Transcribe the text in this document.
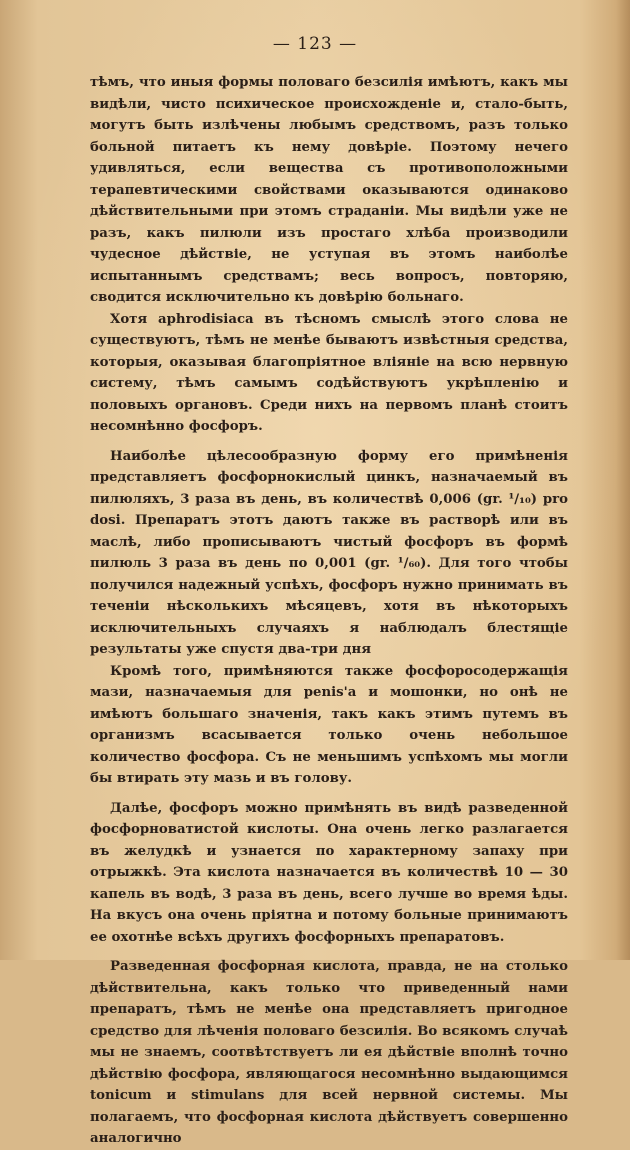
— 123 —

тѣмъ, что иныя формы половаго безсилія имѣютъ, какъ мы видѣли, чисто психическое происхожденіе и, стало-быть, могутъ быть излѣчены любымъ средствомъ, разъ только больной питаетъ къ нему довѣріе. Поэтому нечего удивляться, если вещества съ противоположными терапевтическими свойствами оказываются одинаково дѣйствительными при этомъ страданіи. Мы видѣли уже не разъ, какъ пилюли изъ простаго хлѣба производили чудесное дѣйствіе, не уступая въ этомъ наиболѣе испытаннымъ средствамъ; весь вопросъ, повторяю, сводится исключительно къ довѣрію больнаго.

Хотя aphrodisiaca въ тѣсномъ смыслѣ этого слова не существуютъ, тѣмъ не менѣе бываютъ извѣстныя средства, которыя, оказывая благопріятное вліяніе на всю нервную систему, тѣмъ самымъ содѣйствуютъ укрѣпленію и половыхъ органовъ. Среди нихъ на первомъ планѣ стоитъ несомнѣнно фосфоръ.

Наиболѣе цѣлесообразную форму его примѣненія представляетъ фосфорнокислый цинкъ, назначаемый въ пилюляхъ, 3 раза въ день, въ количествѣ 0,006 (gr. ¹/₁₀) pro dosi. Препаратъ этотъ даютъ также въ растворѣ или въ маслѣ, либо прописываютъ чистый фосфоръ въ формѣ пилюль 3 раза въ день по 0,001 (gr. ¹/₆₀). Для того чтобы получился надежный успѣхъ, фосфоръ нужно принимать въ теченіи нѣсколькихъ мѣсяцевъ, хотя въ нѣкоторыхъ исключительныхъ случаяхъ я наблюдалъ блестящіе результаты уже спустя два-три дня

Кромѣ того, примѣняются также фосфоросодержащія мази, назначаемыя для penis'а и мошонки, но онѣ не имѣютъ большаго значенія, такъ какъ этимъ путемъ въ организмъ всасывается только очень небольшое количество фосфора. Съ не меньшимъ успѣхомъ мы могли бы втирать эту мазь и въ голову.

Далѣе, фосфоръ можно примѣнять въ видѣ разведенной фосфорноватистой кислоты. Она очень легко разлагается въ желудкѣ и узнается по характерному запаху при отрыжкѣ. Эта кислота назначается въ количествѣ 10 — 30 капель въ водѣ, 3 раза въ день, всего лучше во время ѣды. На вкусъ она очень пріятна и потому больные принимаютъ ее охотнѣе всѣхъ другихъ фосфорныхъ препаратовъ.

Разведенная фосфорная кислота, правда, не на столько дѣйствительна, какъ только что приведенный нами препаратъ, тѣмъ не менѣе она представляетъ пригодное средство для лѣченія половаго безсилія. Во всякомъ случаѣ мы не знаемъ, соотвѣтствуетъ ли ея дѣйствіе вполнѣ точно дѣйствію фосфора, являющагося несомнѣнно выдающимся tonicum и stimulans для всей нервной системы. Мы полагаемъ, что фосфорная кислота дѣйствуетъ совершенно аналогично
